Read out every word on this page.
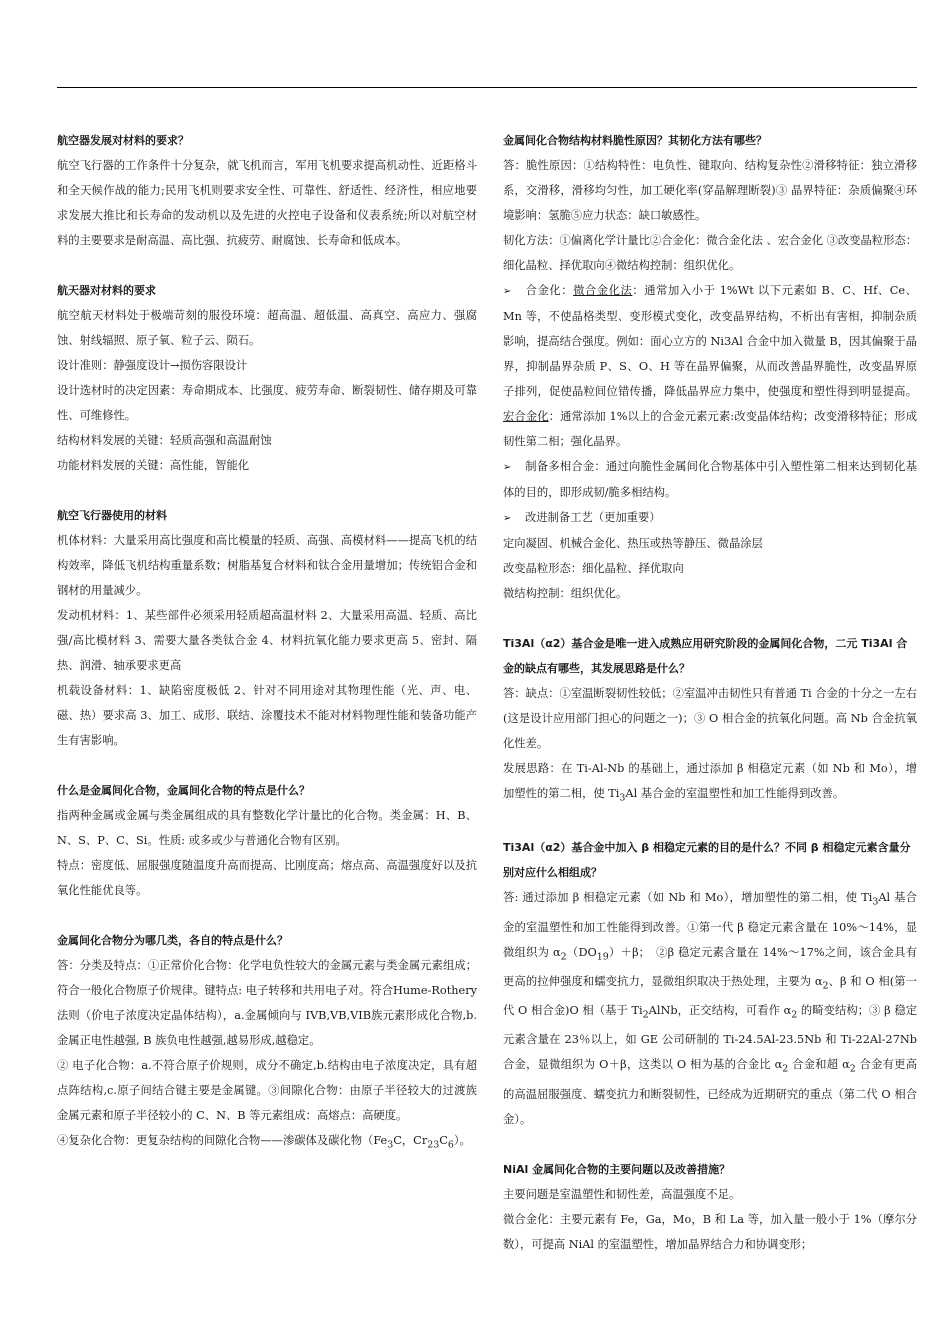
航空器发展对材料的要求？

航空飞行器的工作条件十分复杂，就飞机而言，军用飞机要求提高机动性、近距格斗和全天候作战的能力;民用飞机则要求安全性、可靠性、舒适性、经济性，相应地要求发展大推比和长寿命的发动机以及先进的火控电子设备和仪表系统;所以对航空材料的主要要求是耐高温、高比强、抗疲劳、耐腐蚀、长寿命和低成本。

航天器对材料的要求

航空航天材料处于极端苛刻的服役环境：超高温、超低温、高真空、高应力、强腐蚀、射线辐照、原子氧、粒子云、陨石。

设计准则：静强度设计→损伤容限设计

设计选材时的决定因素：寿命期成本、比强度、疲劳寿命、断裂韧性、储存期及可靠性、可维修性。

结构材料发展的关键：轻质高强和高温耐蚀

功能材料发展的关键：高性能，智能化

航空飞行器使用的材料

机体材料：大量采用高比强度和高比模量的轻质、高强、高模材料——提高飞机的结构效率，降低飞机结构重量系数；树脂基复合材料和钛合金用量增加；传统铝合金和钢材的用量减少。

发动机材料：1、某些部件必须采用轻质超高温材料 2、大量采用高温、轻质、高比强/高比模材料 3、需要大量各类钛合金 4、材料抗氧化能力要求更高 5、密封、隔热、润滑、轴承要求更高

机载设备材料：1、缺陷密度极低 2、针对不同用途对其物理性能（光、声、电、磁、热）要求高 3、加工、成形、联结、涂覆技术不能对材料物理性能和装备功能产生有害影响。

什么是金属间化合物，金属间化合物的特点是什么？

指两种金属或金属与类金属组成的具有整数化学计量比的化合物。类金属：H、B、N、S、P、C、Si。性质: 或多或少与普通化合物有区别。

特点：密度低、屈服强度随温度升高而提高、比刚度高；熔点高、高温强度好以及抗氧化性能优良等。

金属间化合物分为哪几类，各自的特点是什么？

答：分类及特点：①正常价化合物：化学电负性较大的金属元素与类金属元素组成；符合一般化合物原子价规律。键特点: 电子转移和共用电子对。符合Hume-Rothery 法则（价电子浓度决定晶体结构），a.金属倾向与 IVB,VB,VIB族元素形成化合物,b.金属正电性越强, B 族负电性越强,越易形成,越稳定。

② 电子化合物：a.不符合原子价规则，成分不确定,b.结构由电子浓度决定，具有超点阵结构,c.原子间结合键主要是金属键。③间隙化合物：由原子半径较大的过渡族金属元素和原子半径较小的 C、N、B 等元素组成：高熔点：高硬度。

④复杂化合物：更复杂结构的间隙化合物——渗碳体及碳化物（$Fe_3C$，$Cr_{23}C_6$）。

金属间化合物结构材料脆性原因？其韧化方法有哪些？

答：脆性原因：①结构特性：电负性、键取向、结构复杂性②滑移特征：独立滑移系，交滑移，滑移均匀性，加工硬化率(穿晶解理断裂)③ 晶界特征：杂质偏聚④环境影响：氢脆⑤应力状态：缺口敏感性。

韧化方法：①偏离化学计量比②合金化：微合金化法 、宏合金化 ③改变晶粒形态：细化晶粒、择优取向④微结构控制：组织优化。

➢ 合金化：微合金化法：通常加入小于 1%Wt 以下元素如 B、C、Hf、Ce、Mn 等，不使晶格类型、变形模式变化，改变晶界结构，不析出有害相，抑制杂质影响，提高结合强度。例如：面心立方的 Ni3Al 合金中加入微量 B，因其偏聚于晶界，抑制晶界杂质 P、S、O、H 等在晶界偏聚，从而改善晶界脆性，改变晶界原子排列，促使晶粒间位错传播，降低晶界应力集中，使强度和塑性得到明显提高。宏合金化：通常添加 1%以上的合金元素元素:改变晶体结构；改变滑移特征；形成韧性第二相；强化晶界。

➢ 制备多相合金：通过向脆性金属间化合物基体中引入塑性第二相来达到韧化基体的目的，即形成韧/脆多相结构。

➢ 改进制备工艺（更加重要）

定向凝固、机械合金化、热压或热等静压、微晶涂层

改变晶粒形态：细化晶粒、择优取向

微结构控制：组织优化。

Ti3Al（α2）基合金是唯一进入成熟应用研究阶段的金属间化合物，二元 Ti3Al 合金的缺点有哪些，其发展思路是什么？

答：缺点：①室温断裂韧性较低；②室温冲击韧性只有普通 Ti 合金的十分之一左右(这是设计应用部门担心的问题之一)；③ O 相合金的抗氧化问题。高 Nb 合金抗氧化性差。

发展思路：在 Ti-Al-Nb 的基础上，通过添加 β 相稳定元素（如 Nb 和 Mo），增加塑性的第二相，使 $Ti_3Al$ 基合金的室温塑性和加工性能得到改善。

Ti3Al（α2）基合金中加入 β 相稳定元素的目的是什么？不同 β 相稳定元素含量分别对应什么相组成？

答: 通过添加 β 相稳定元素（如 Nb 和 Mo），增加塑性的第二相，使 $Ti_3Al$ 基合金的室温塑性和加工性能得到改善。①第一代 β 稳定元素含量在 10%～14%，显微组织为 $\alpha_2(DO_{19})+\beta$；　②β 稳定元素含量在 14%～17%之间，该合金具有更高的拉伸强度和蠕变抗力，显微组织取决于热处理，主要为 $\alpha_2$、β 和 O 相(第一代 O 相合金)O 相（基于 $Ti_2AlNb$，正交结构，可看作 $\alpha_2$ 的畸变结构；③ β 稳定元素含量在 23％以上，如 GE 公司研制的 Ti-24.5Al-23.5Nb 和 Ti-22Al-27Nb 合金，显微组织为 O＋β，这类以 O 相为基的合金比 $\alpha_2$ 合金和超 $\alpha_2$ 合金有更高的高温屈服强度、蠕变抗力和断裂韧性，已经成为近期研究的重点（第二代 O 相合金）。

NiAl 金属间化合物的主要问题以及改善措施？

主要问题是室温塑性和韧性差，高温强度不足。

微合金化：主要元素有 Fe，Ga，Mo，B 和 La 等，加入量一般小于 1%（摩尔分数），可提高 NiAl 的室温塑性，增加晶界结合力和协调变形；
